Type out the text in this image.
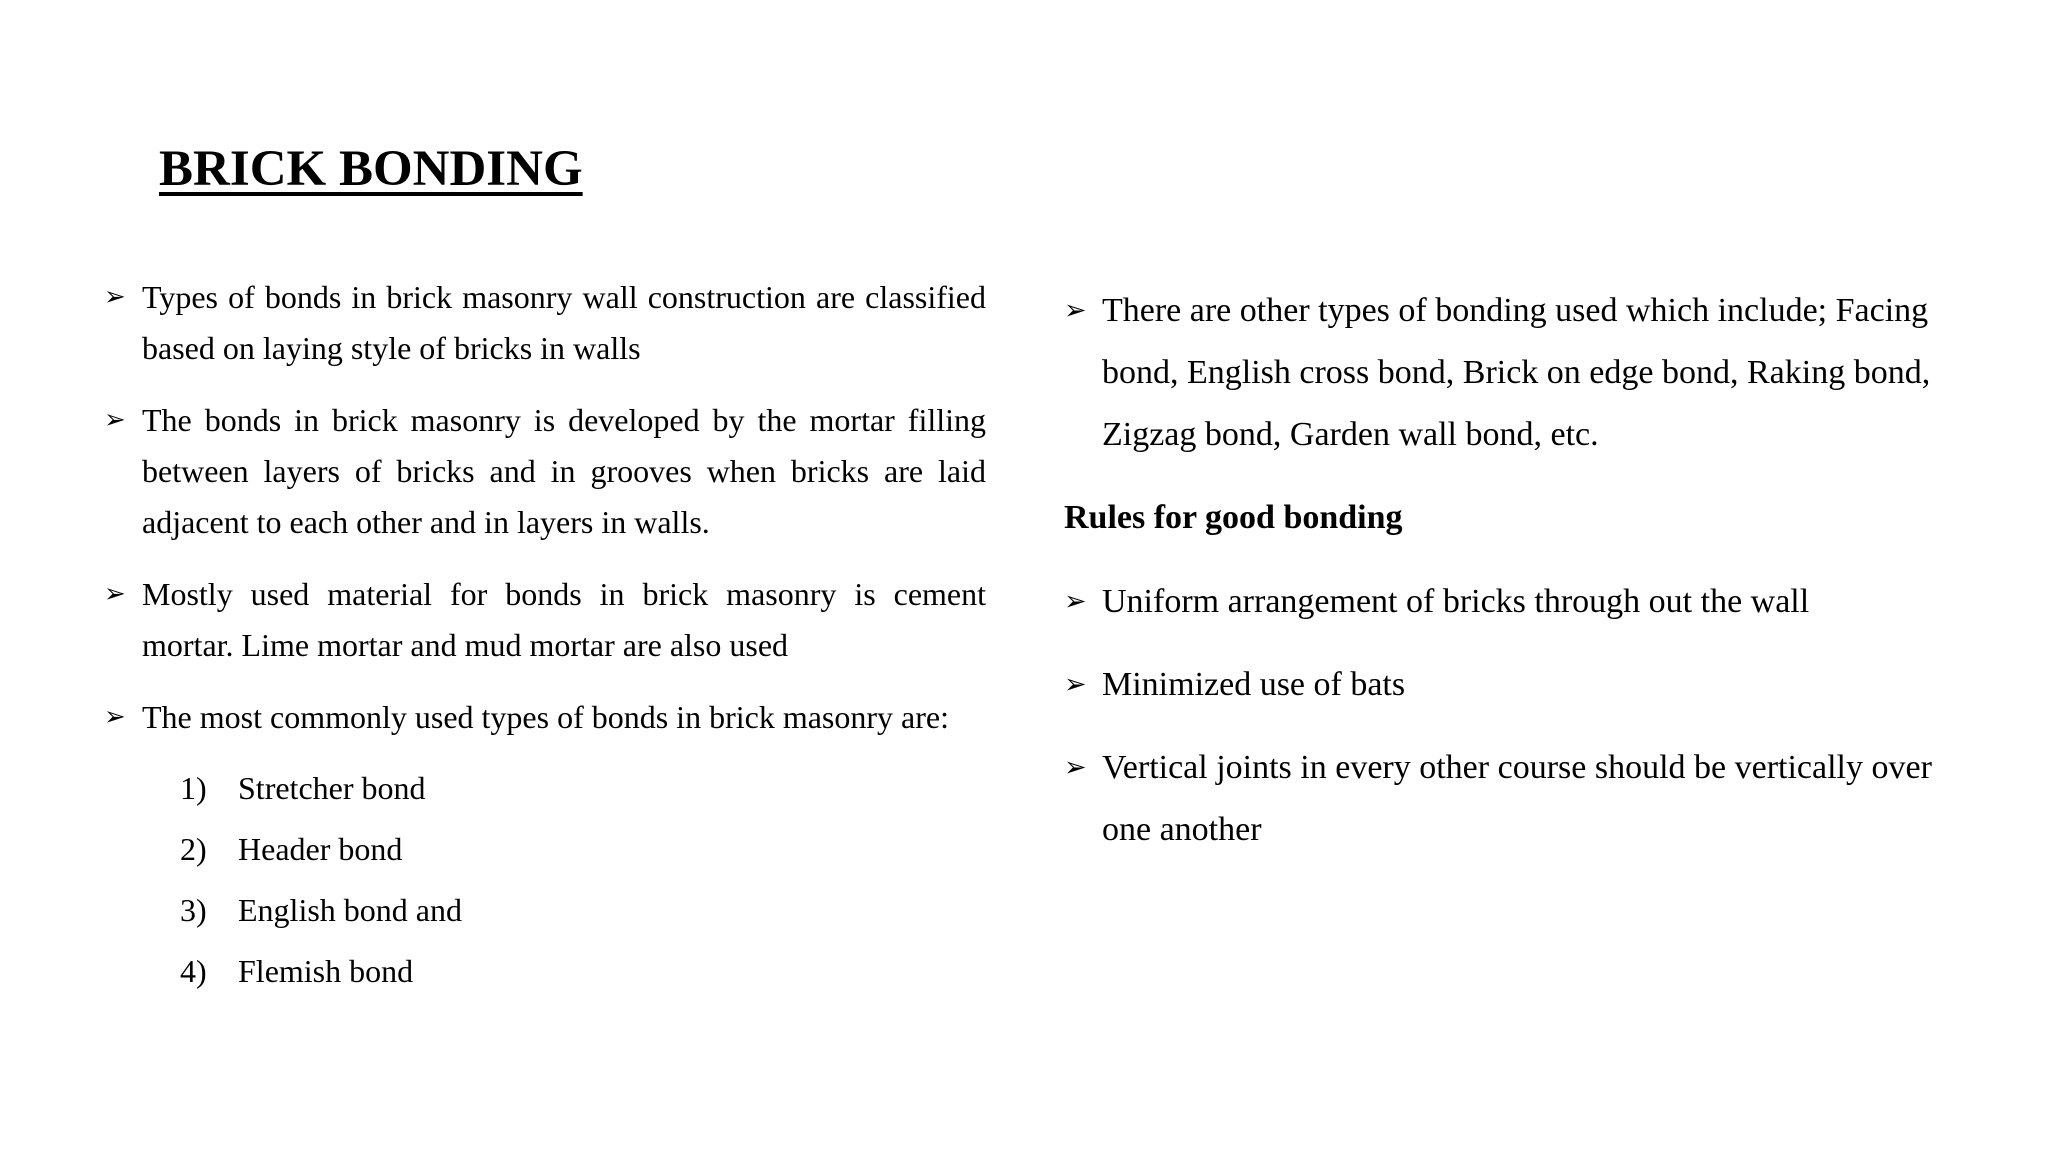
BRICK BONDING
➢ Types of bonds in brick masonry wall construction are classified based on laying style of bricks in walls
➢ The bonds in brick masonry is developed by the mortar filling between layers of bricks and in grooves when bricks are laid adjacent to each other and in layers in walls.
➢ Mostly used material for bonds in brick masonry is cement mortar. Lime mortar and mud mortar are also used
➢ The most commonly used types of bonds in brick masonry are:
1) Stretcher bond
2) Header bond
3) English bond and
4) Flemish bond
➢ There are other types of bonding used which include; Facing bond, English cross bond, Brick on edge bond, Raking bond, Zigzag bond, Garden wall bond, etc.
Rules for good bonding
➢ Uniform arrangement of bricks through out the wall
➢ Minimized use of bats
➢ Vertical joints in every other course should be vertically over one another
